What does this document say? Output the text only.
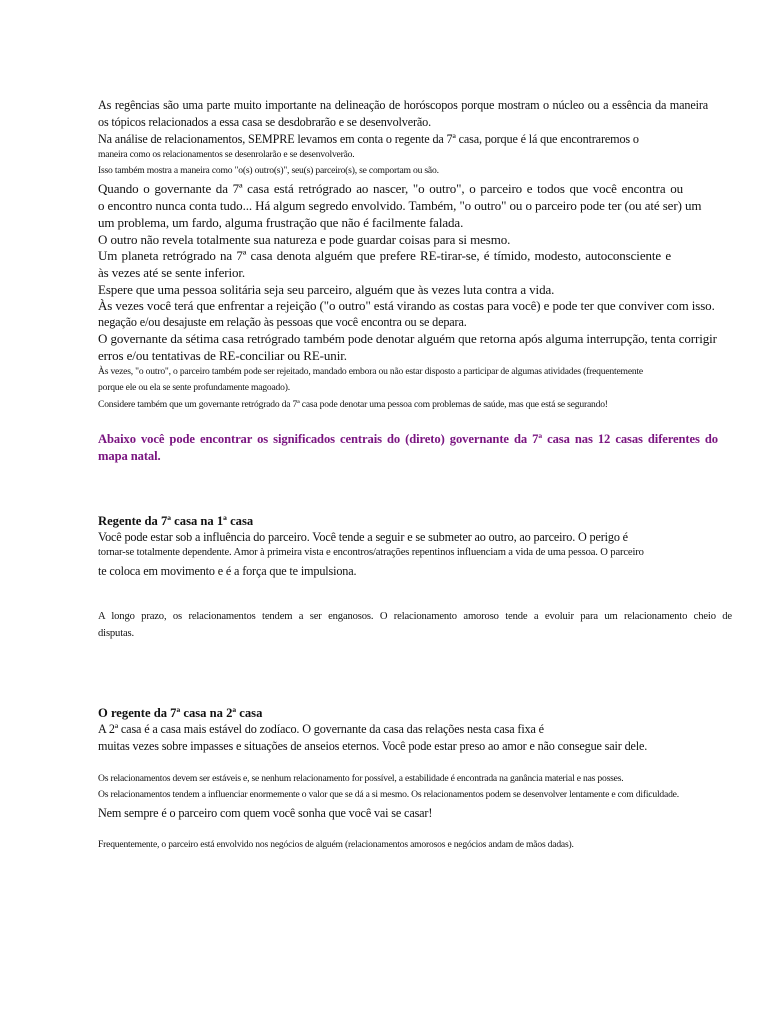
As regências são uma parte muito importante na delineação de horóscopos porque mostram o núcleo ou a essência da maneira
os tópicos relacionados a essa casa se desdobrarão e se desenvolverão.
Na análise de relacionamentos, SEMPRE levamos em conta o regente da 7ª casa, porque é lá que encontraremos o
maneira como os relacionamentos se desenrolarão e se desenvolverão.
Isso também mostra a maneira como "o(s) outro(s)", seu(s) parceiro(s), se comportam ou são.
Quando o governante da 7ª casa está retrógrado ao nascer, "o outro", o parceiro e todos que você encontra ou
o encontro nunca conta tudo... Há algum segredo envolvido. Também, "o outro" ou o parceiro pode ter (ou até ser) um
um problema, um fardo, alguma frustração que não é facilmente falada.
O outro não revela totalmente sua natureza e pode guardar coisas para si mesmo.
Um planeta retrógrado na 7ª casa denota alguém que prefere RE-tirar-se, é tímido, modesto, autoconsciente e
às vezes até se sente inferior.
Espere que uma pessoa solitária seja seu parceiro, alguém que às vezes luta contra a vida.
Às vezes você terá que enfrentar a rejeição ("o outro" está virando as costas para você) e pode ter que conviver com isso.
negação e/ou desajuste em relação às pessoas que você encontra ou se depara.
O governante da sétima casa retrógrado também pode denotar alguém que retorna após alguma interrupção, tenta corrigir
erros e/ou tentativas de RE-conciliar ou RE-unir.
Às vezes, "o outro", o parceiro também pode ser rejeitado, mandado embora ou não estar disposto a participar de algumas atividades (frequentemente
porque ele ou ela se sente profundamente magoado).
Considere também que um governante retrógrado da 7ª casa pode denotar uma pessoa com problemas de saúde, mas que está se segurando!
Abaixo você pode encontrar os significados centrais do (direto) governante da 7ª casa nas 12 casas diferentes do
mapa natal.
Regente da 7ª casa na 1ª casa
Você pode estar sob a influência do parceiro. Você tende a seguir e se submeter ao outro, ao parceiro. O perigo é
tornar-se totalmente dependente. Amor à primeira vista e encontros/atrações repentinos influenciam a vida de uma pessoa. O parceiro
te coloca em movimento e é a força que te impulsiona.
A longo prazo, os relacionamentos tendem a ser enganosos. O relacionamento amoroso tende a evoluir para um relacionamento cheio de
disputas.
O regente da 7ª casa na 2ª casa
A 2ª casa é a casa mais estável do zodíaco. O governante da casa das relações nesta casa fixa é
muitas vezes sobre impasses e situações de anseios eternos. Você pode estar preso ao amor e não consegue sair dele.
Os relacionamentos devem ser estáveis e, se nenhum relacionamento for possível, a estabilidade é encontrada na ganância material e nas posses.
Os relacionamentos tendem a influenciar enormemente o valor que se dá a si mesmo. Os relacionamentos podem se desenvolver lentamente e com dificuldade.
Nem sempre é o parceiro com quem você sonha que você vai se casar!
Frequentemente, o parceiro está envolvido nos negócios de alguém (relacionamentos amorosos e negócios andam de mãos dadas).
